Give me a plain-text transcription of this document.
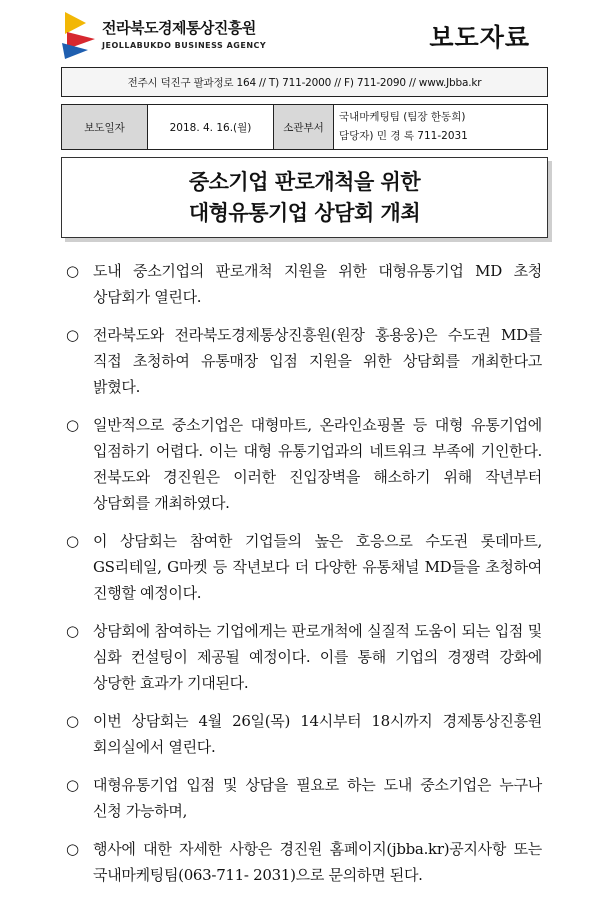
전라북도경제통상진흥원
JEOLLABUKDO BUSINESS AGENCY	보도자료
전주시 덕진구 팔과정로 164 // T) 711-2000 // F) 711-2090 // www.Jbba.kr
보도일자	2018. 4. 16.(월)	소관부서	
국내마케팅팀 (팀장 한동희)
담당자) 민 경 록 711-2031
중소기업 판로개척을 위한
대형유통기업 상담회 개최
○ 도내 중소기업의 판로개척 지원을 위한 대형유통기업 MD 초청 상담회가 열린다.
○ 전라북도와 전라북도경제통상진흥원(원장 홍용웅)은 수도권 MD를 직접 초청하여 유통매장 입점 지원을 위한 상담회를 개최한다고 밝혔다.
○ 일반적으로 중소기업은 대형마트, 온라인쇼핑몰 등 대형 유통기업에 입점하기 어렵다. 이는 대형 유통기업과의 네트워크 부족에 기인한다. 전북도와 경진원은 이러한 진입장벽을 해소하기 위해 작년부터 상담회를 개최하였다.
○ 이 상담회는 참여한 기업들의 높은 호응으로 수도권 롯데마트, GS리테일, G마켓 등 작년보다 더 다양한 유통채널 MD들을 초청하여 진행할 예정이다.
○ 상담회에 참여하는 기업에게는 판로개척에 실질적 도움이 되는 입점 및 심화 컨설팅이 제공될 예정이다. 이를 통해 기업의 경쟁력 강화에 상당한 효과가 기대된다.
○ 이번 상담회는 4월 26일(목) 14시부터 18시까지 경제통상진흥원 회의실에서 열린다.
○ 대형유통기업 입점 및 상담을 필요로 하는 도내 중소기업은 누구나 신청 가능하며,
○ 행사에 대한 자세한 사항은 경진원 홈페이지(jbba.kr)공지사항 또는 국내마케팅팀(063-711- 2031)으로 문의하면 된다.
